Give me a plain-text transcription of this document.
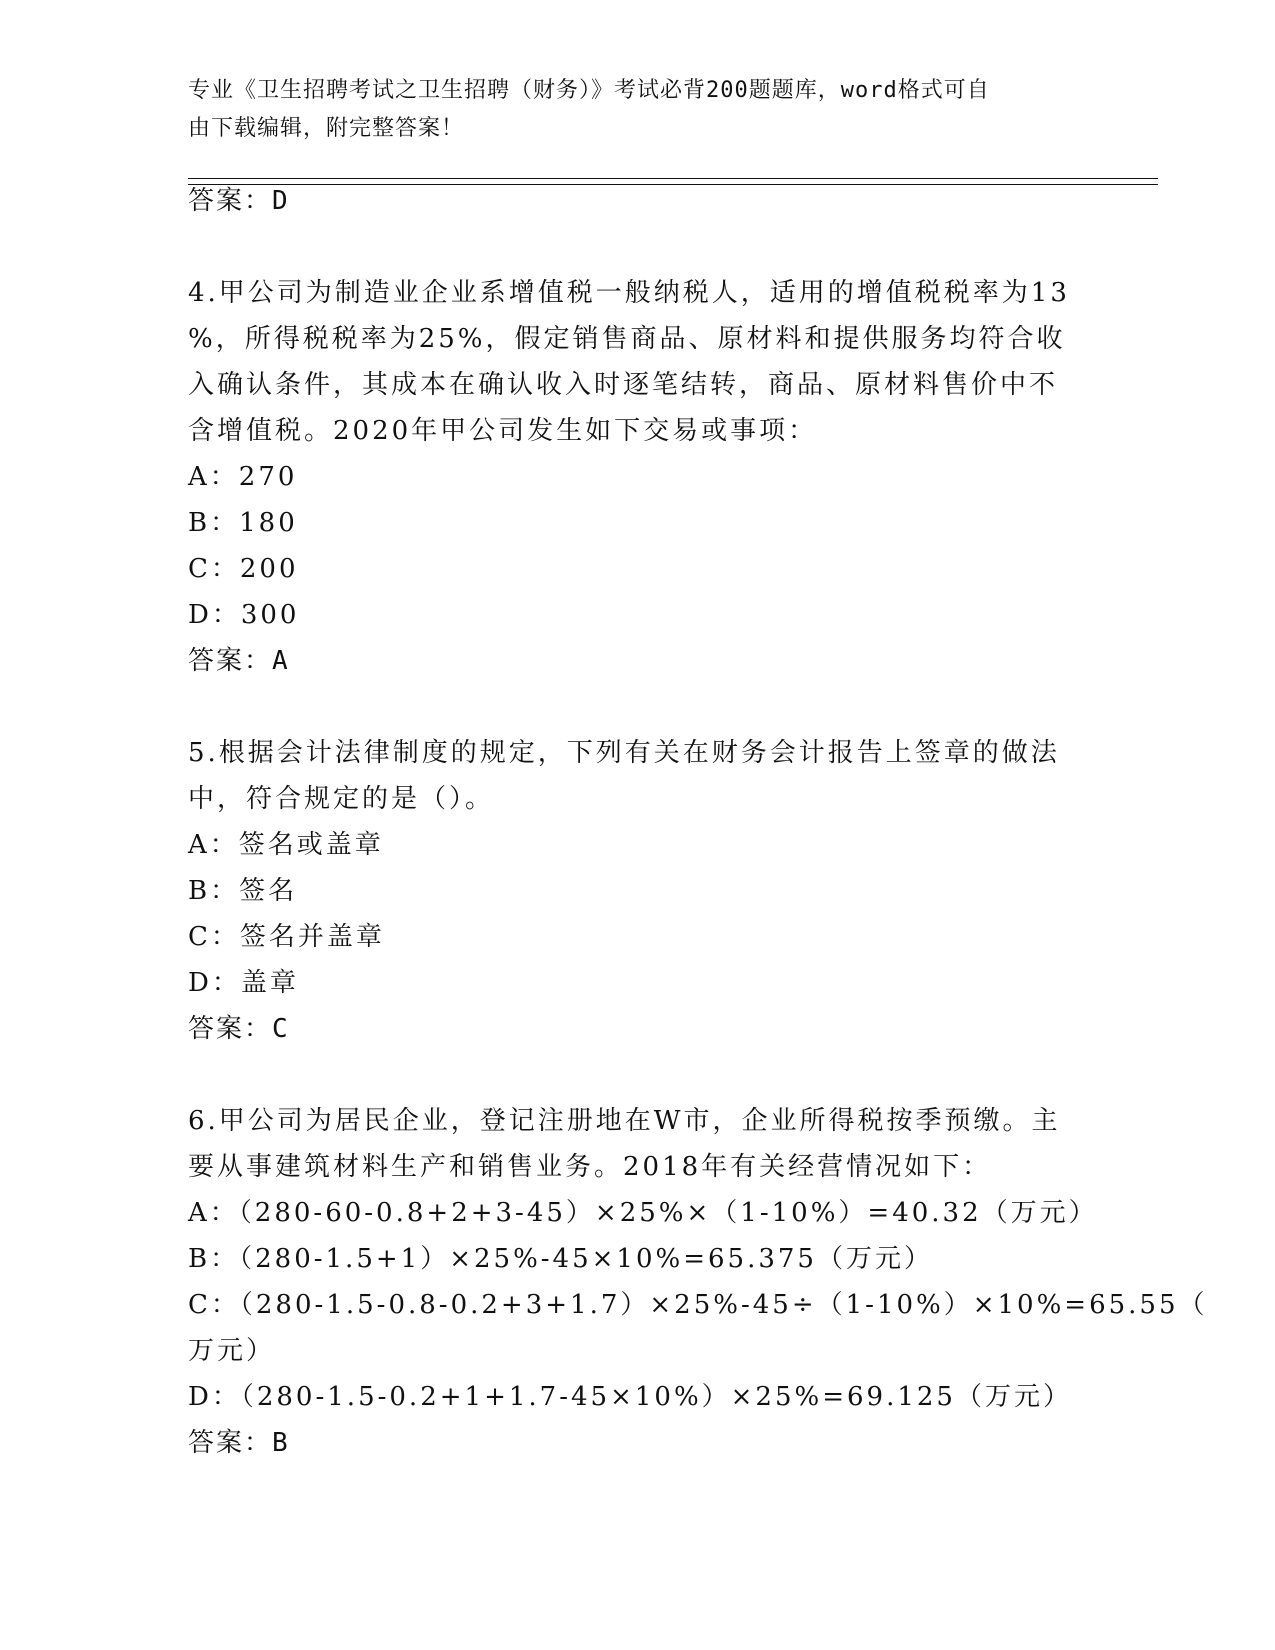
专业《卫生招聘考试之卫生招聘（财务）》考试必背200题题库，word格式可自
由下载编辑，附完整答案！
答案：D
4.甲公司为制造业企业系增值税一般纳税人，适用的增值税税率为13
%，所得税税率为25%，假定销售商品、原材料和提供服务均符合收
入确认条件，其成本在确认收入时逐笔结转，商品、原材料售价中不
含增值税。2020年甲公司发生如下交易或事项：
A：270
B：180
C：200
D：300
答案：A
5.根据会计法律制度的规定，下列有关在财务会计报告上签章的做法
中，符合规定的是（）。
A：签名或盖章
B：签名
C：签名并盖章
D：盖章
答案：C
6.甲公司为居民企业，登记注册地在W市，企业所得税按季预缴。主
要从事建筑材料生产和销售业务。2018年有关经营情况如下：
A：（280-60-0.8+2+3-45）×25%×（1-10%）=40.32（万元）
B：（280-1.5+1）×25%-45×10%=65.375（万元）
C：（280-1.5-0.8-0.2+3+1.7）×25%-45÷（1-10%）×10%=65.55（
万元）
D：（280-1.5-0.2+1+1.7-45×10%）×25%=69.125（万元）
答案：B
